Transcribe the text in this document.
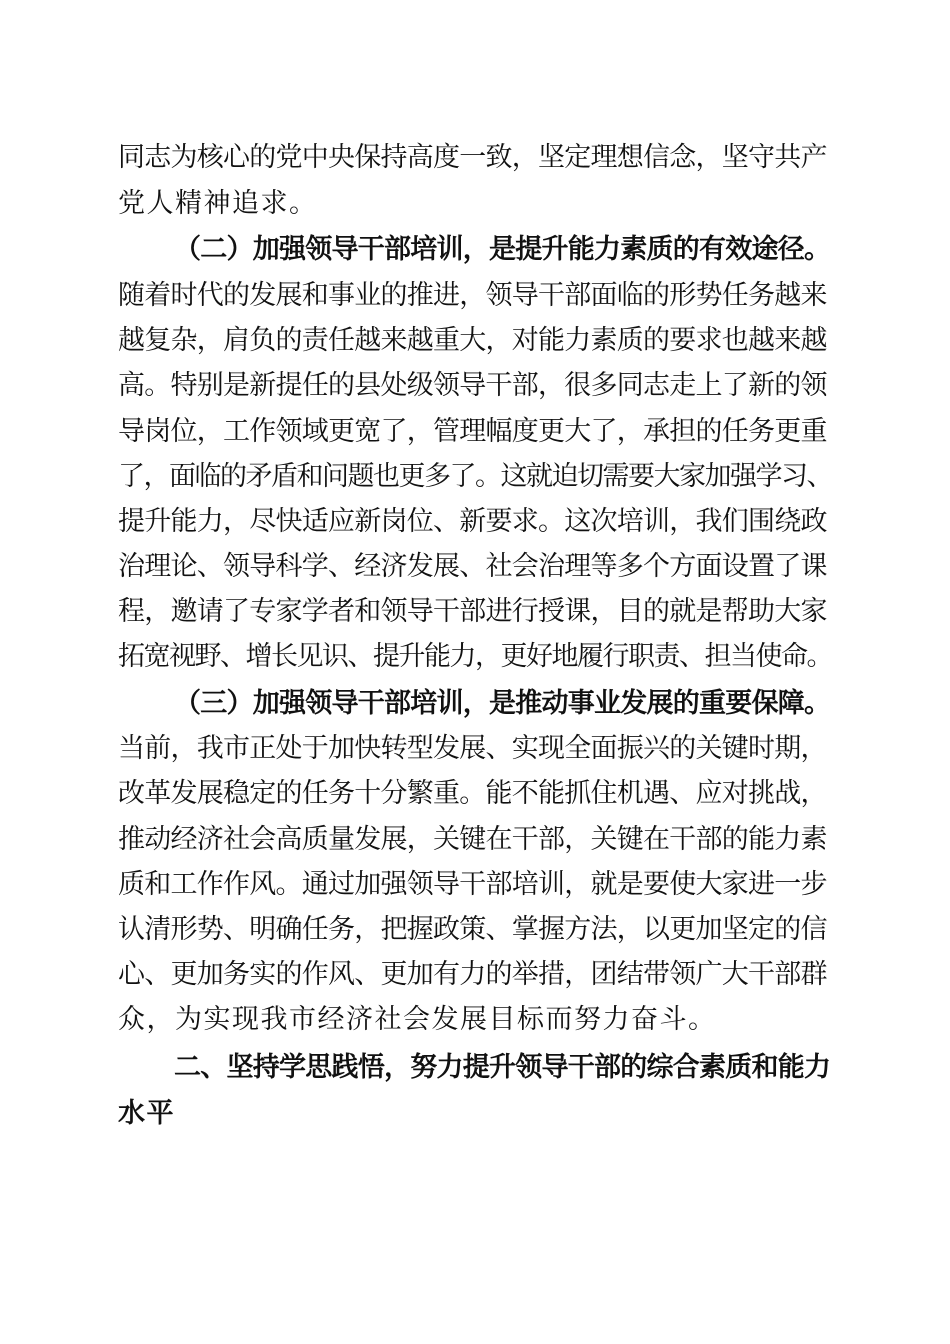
同志为核心的党中央保持高度一致，坚定理想信念，坚守共产
党人精神追求。
（二）加强领导干部培训，是提升能力素质的有效途径。
随着时代的发展和事业的推进，领导干部面临的形势任务越来
越复杂，肩负的责任越来越重大，对能力素质的要求也越来越
高。特别是新提任的县处级领导干部，很多同志走上了新的领
导岗位，工作领域更宽了，管理幅度更大了，承担的任务更重
了，面临的矛盾和问题也更多了。这就迫切需要大家加强学习、
提升能力，尽快适应新岗位、新要求。这次培训，我们围绕政
治理论、领导科学、经济发展、社会治理等多个方面设置了课
程，邀请了专家学者和领导干部进行授课，目的就是帮助大家
拓宽视野、增长见识、提升能力，更好地履行职责、担当使命。
（三）加强领导干部培训，是推动事业发展的重要保障。
当前，我市正处于加快转型发展、实现全面振兴的关键时期，
改革发展稳定的任务十分繁重。能不能抓住机遇、应对挑战，
推动经济社会高质量发展，关键在干部，关键在干部的能力素
质和工作作风。通过加强领导干部培训，就是要使大家进一步
认清形势、明确任务，把握政策、掌握方法，以更加坚定的信
心、更加务实的作风、更加有力的举措，团结带领广大干部群
众，为实现我市经济社会发展目标而努力奋斗。
二、坚持学思践悟，努力提升领导干部的综合素质和能力
水平
